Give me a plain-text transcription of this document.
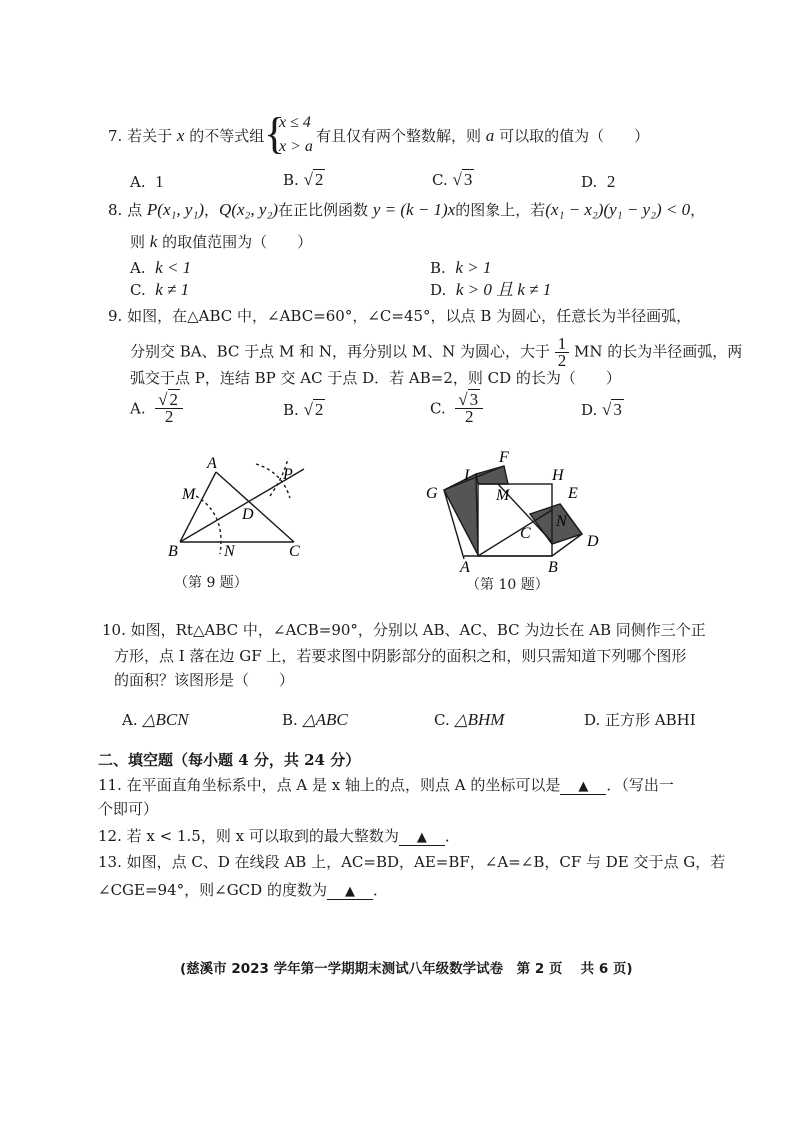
7. 若关于 x 的不等式组 {
x ≤ 4
x > a
有且仅有两个整数解，则 a 可以取的值为（　　）
A. 1	B. √ 2	C. √ 3	D. 2
8. 点 P(x₁, y₁)，Q(x₂, y₂)在正比例函数 y = (k − 1)x的图象上，若(x₁ − x₂)(y₁ − y₂) < 0，
则 k 的取值范围为（　　）
A. k < 1	B. k > 1
C. k ≠ 1	D. k > 0 且 k ≠ 1
9. 如图，在△ABC 中，∠ABC=60°，∠C=45°，以点 B 为圆心，任意长为半径画弧，
分别交 BA、BC 于点 M 和 N，再分别以 M、N 为圆心，大于 $\frac{1}{2}$ MN 的长为半径画弧，两
弧交于点 P，连结 BP 交 AC 于点 D．若 AB=2，则 CD 的长为（　　）
A. $\frac{√ 2}{2}$	B. √ 2	C. $\frac{√ 3}{2}$	D. √ 3
A
M
P
D
B	N	C
（第 9 题）
I
F
H
G	M	E
N
C
A	B
D
（第 10 题）
10. 如图，Rt△ABC 中，∠ACB=90°，分别以 AB、AC、BC 为边长在 AB 同侧作三个正
方形，点 I 落在边 GF 上，若要求图中阴影部分的面积之和，则只需知道下列哪个图形
的面积？该图形是（　　）
A. △BCN	B. △ABC	C. △BHM	D. 正方形 ABHI
二、填空题（每小题 4 分，共 24 分）
11. 在平面直角坐标系中，点 A 是 x 轴上的点，则点 A 的坐标可以是 ▲ ．（写出一
个即可）
12. 若 x < 1.5，则 x 可以取到的最大整数为 ▲ ．
13. 如图，点 C、D 在线段 AB 上，AC=BD，AE=BF，∠A=∠B，CF 与 DE 交于点 G，若
∠CGE=94°，则∠GCD 的度数为 ▲ ．
(慈溪市 2023 学年第一学期期末测试八年级数学试卷　第 2 页　 共 6 页)
